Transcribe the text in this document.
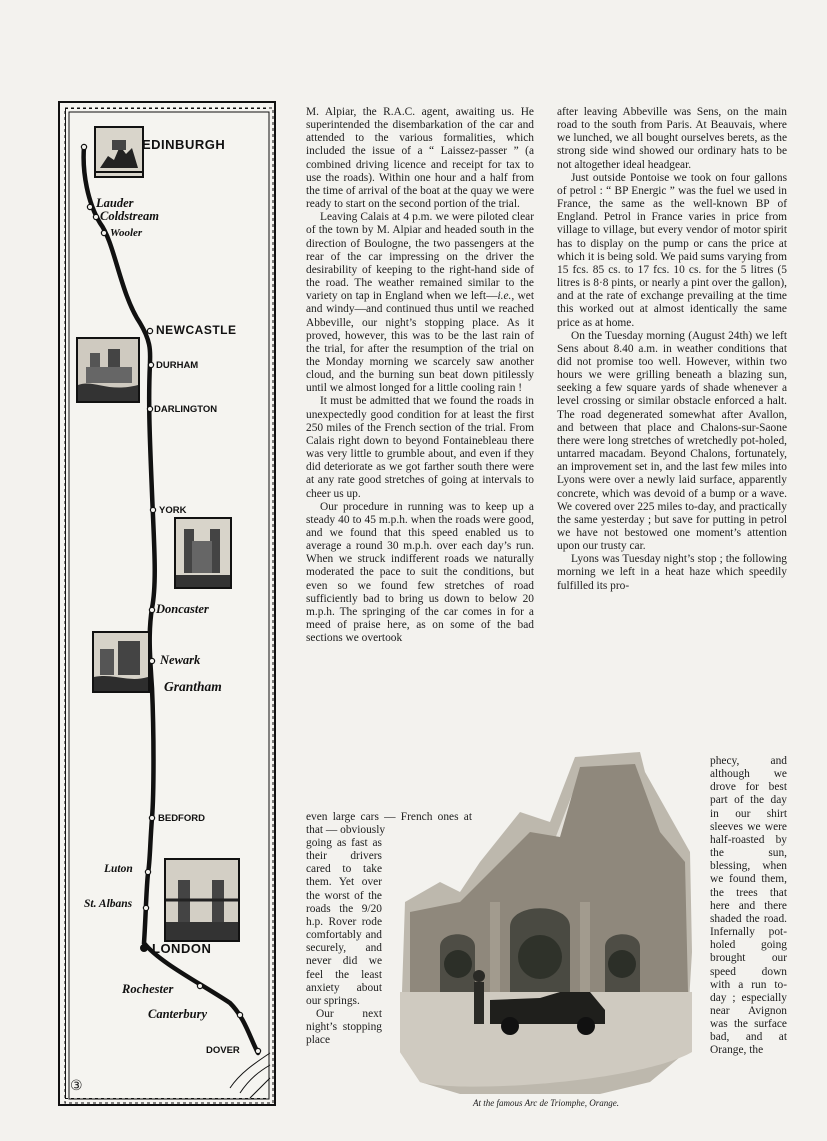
EDINBURGH
Lauder
Coldstream
Wooler
NEWCASTLE
DURHAM
DARLINGTON
YORK
Doncaster
Newark
Grantham
BEDFORD
Luton
St. Albans
LONDON
Rochester
Canterbury
DOVER
③

M. Alpiar, the R.A.C. agent, awaiting us. He superintended the disembarkation of the car and attended to the various formalities, which included the issue of a “ Laissez-passer ” (a combined driving licence and receipt for tax to use the roads). Within one hour and a half from the time of arrival of the boat at the quay we were ready to start on the second portion of the trial.

Leaving Calais at 4 p.m. we were piloted clear of the town by M. Alpiar and headed south in the direction of Boulogne, the two passengers at the rear of the car impressing on the driver the desirability of keeping to the right-hand side of the road. The weather remained similar to the variety on tap in England when we left—i.e., wet and windy—and continued thus until we reached Abbeville, our night’s stopping place. As it proved, however, this was to be the last rain of the trial, for after the resumption of the trial on the Monday morning we scarcely saw another cloud, and the burning sun beat down pitilessly until we almost longed for a little cooling rain !

It must be admitted that we found the roads in unexpectedly good condition for at least the first 250 miles of the French section of the trial. From Calais right down to beyond Fontainebleau there was very little to grumble about, and even if they did deteriorate as we got farther south there were at any rate good stretches of going at intervals to cheer us up.

Our procedure in running was to keep up a steady 40 to 45 m.p.h. when the roads were good, and we found that this speed enabled us to average a round 30 m.p.h. over each day’s run. When we struck indifferent roads we naturally moderated the pace to suit the conditions, but even so we found few stretches of road sufficiently bad to bring us down to below 20 m.p.h. The springing of the car comes in for a meed of praise here, as on some of the bad sections we overtook

even large cars — French ones at that — obviously
going as fast as their drivers cared to take them. Yet over the worst of the roads the 9/20 h.p. Rover rode comfortably and securely, and never did we feel the least anxiety about our springs.
Our next night’s stopping place

after leaving Abbeville was Sens, on the main road to the south from Paris. At Beauvais, where we lunched, we all bought ourselves berets, as the strong side wind showed our ordinary hats to be not altogether ideal headgear.

Just outside Pontoise we took on four gallons of petrol : “ BP Energic ” was the fuel we used in France, the same as the well-known BP of England. Petrol in France varies in price from village to village, but every vendor of motor spirit has to display on the pump or cans the price at which it is being sold. We paid sums varying from 15 fcs. 85 cs. to 17 fcs. 10 cs. for the 5 litres (5 litres is 8·8 pints, or nearly a pint over the gallon), and at the rate of exchange prevailing at the time this worked out at almost identically the same price as at home.

On the Tuesday morning (August 24th) we left Sens about 8.40 a.m. in weather conditions that did not promise too well. However, within two hours we were grilling beneath a blazing sun, seeking a few square yards of shade whenever a level crossing or similar obstacle enforced a halt. The road degenerated somewhat after Avallon, and between that place and Chalons-sur-Saone there were long stretches of wretchedly pot-holed, untarred macadam. Beyond Chalons, fortunately, an improvement set in, and the last few miles into Lyons were over a newly laid surface, apparently concrete, which was devoid of a bump or a wave. We covered over 225 miles to-day, and practically the same yesterday ; but save for putting in petrol we have not bestowed one moment’s attention upon our trusty car.

Lyons was Tuesday night’s stop ; the following morning we left in a heat haze which speedily fulfilled its pro-

phecy, and although we drove for best part of the day in our shirt sleeves we were half-roasted by the sun, blessing, when we found them, the trees that here and there shaded the road. Infernally pot-holed going brought our speed down with a run to-day ; especially near Avignon was the surface bad, and at Orange, the
At the famous Arc de Triomphe, Orange.
